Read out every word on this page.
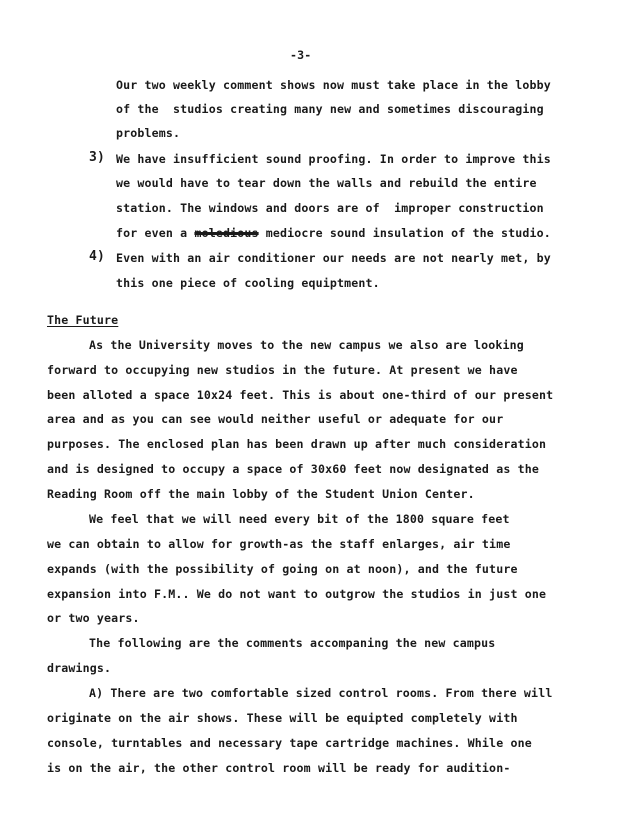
-3-
Our two weekly comment shows now must take place in the lobby
of the  studios creating many new and sometimes discouraging
problems.
3) We have insufficient sound proofing. In order to improve this
we would have to tear down the walls and rebuild the entire
station. The windows and doors are of  improper construction
for even a moledious mediocre sound insulation of the studio.
4) Even with an air conditioner our needs are not nearly met, by
this one piece of cooling equiptment.
The Future
As the University moves to the new campus we also are looking
forward to occupying new studios in the future. At present we have
been alloted a space 10x24 feet. This is about one-third of our present
area and as you can see would neither useful or adequate for our
purposes. The enclosed plan has been drawn up after much consideration
and is designed to occupy a space of 30x60 feet now designated as the
Reading Room off the main lobby of the Student Union Center.
We feel that we will need every bit of the 1800 square feet
we can obtain to allow for growth-as the staff enlarges, air time
expands (with the possibility of going on at noon), and the future
expansion into F.M.. We do not want to outgrow the studios in just one
or two years.
The following are the comments accompaning the new campus
drawings.
A) There are two comfortable sized control rooms. From there will
originate on the air shows. These will be equipted completely with
console, turntables and necessary tape cartridge machines. While one
is on the air, the other control room will be ready for audition-
